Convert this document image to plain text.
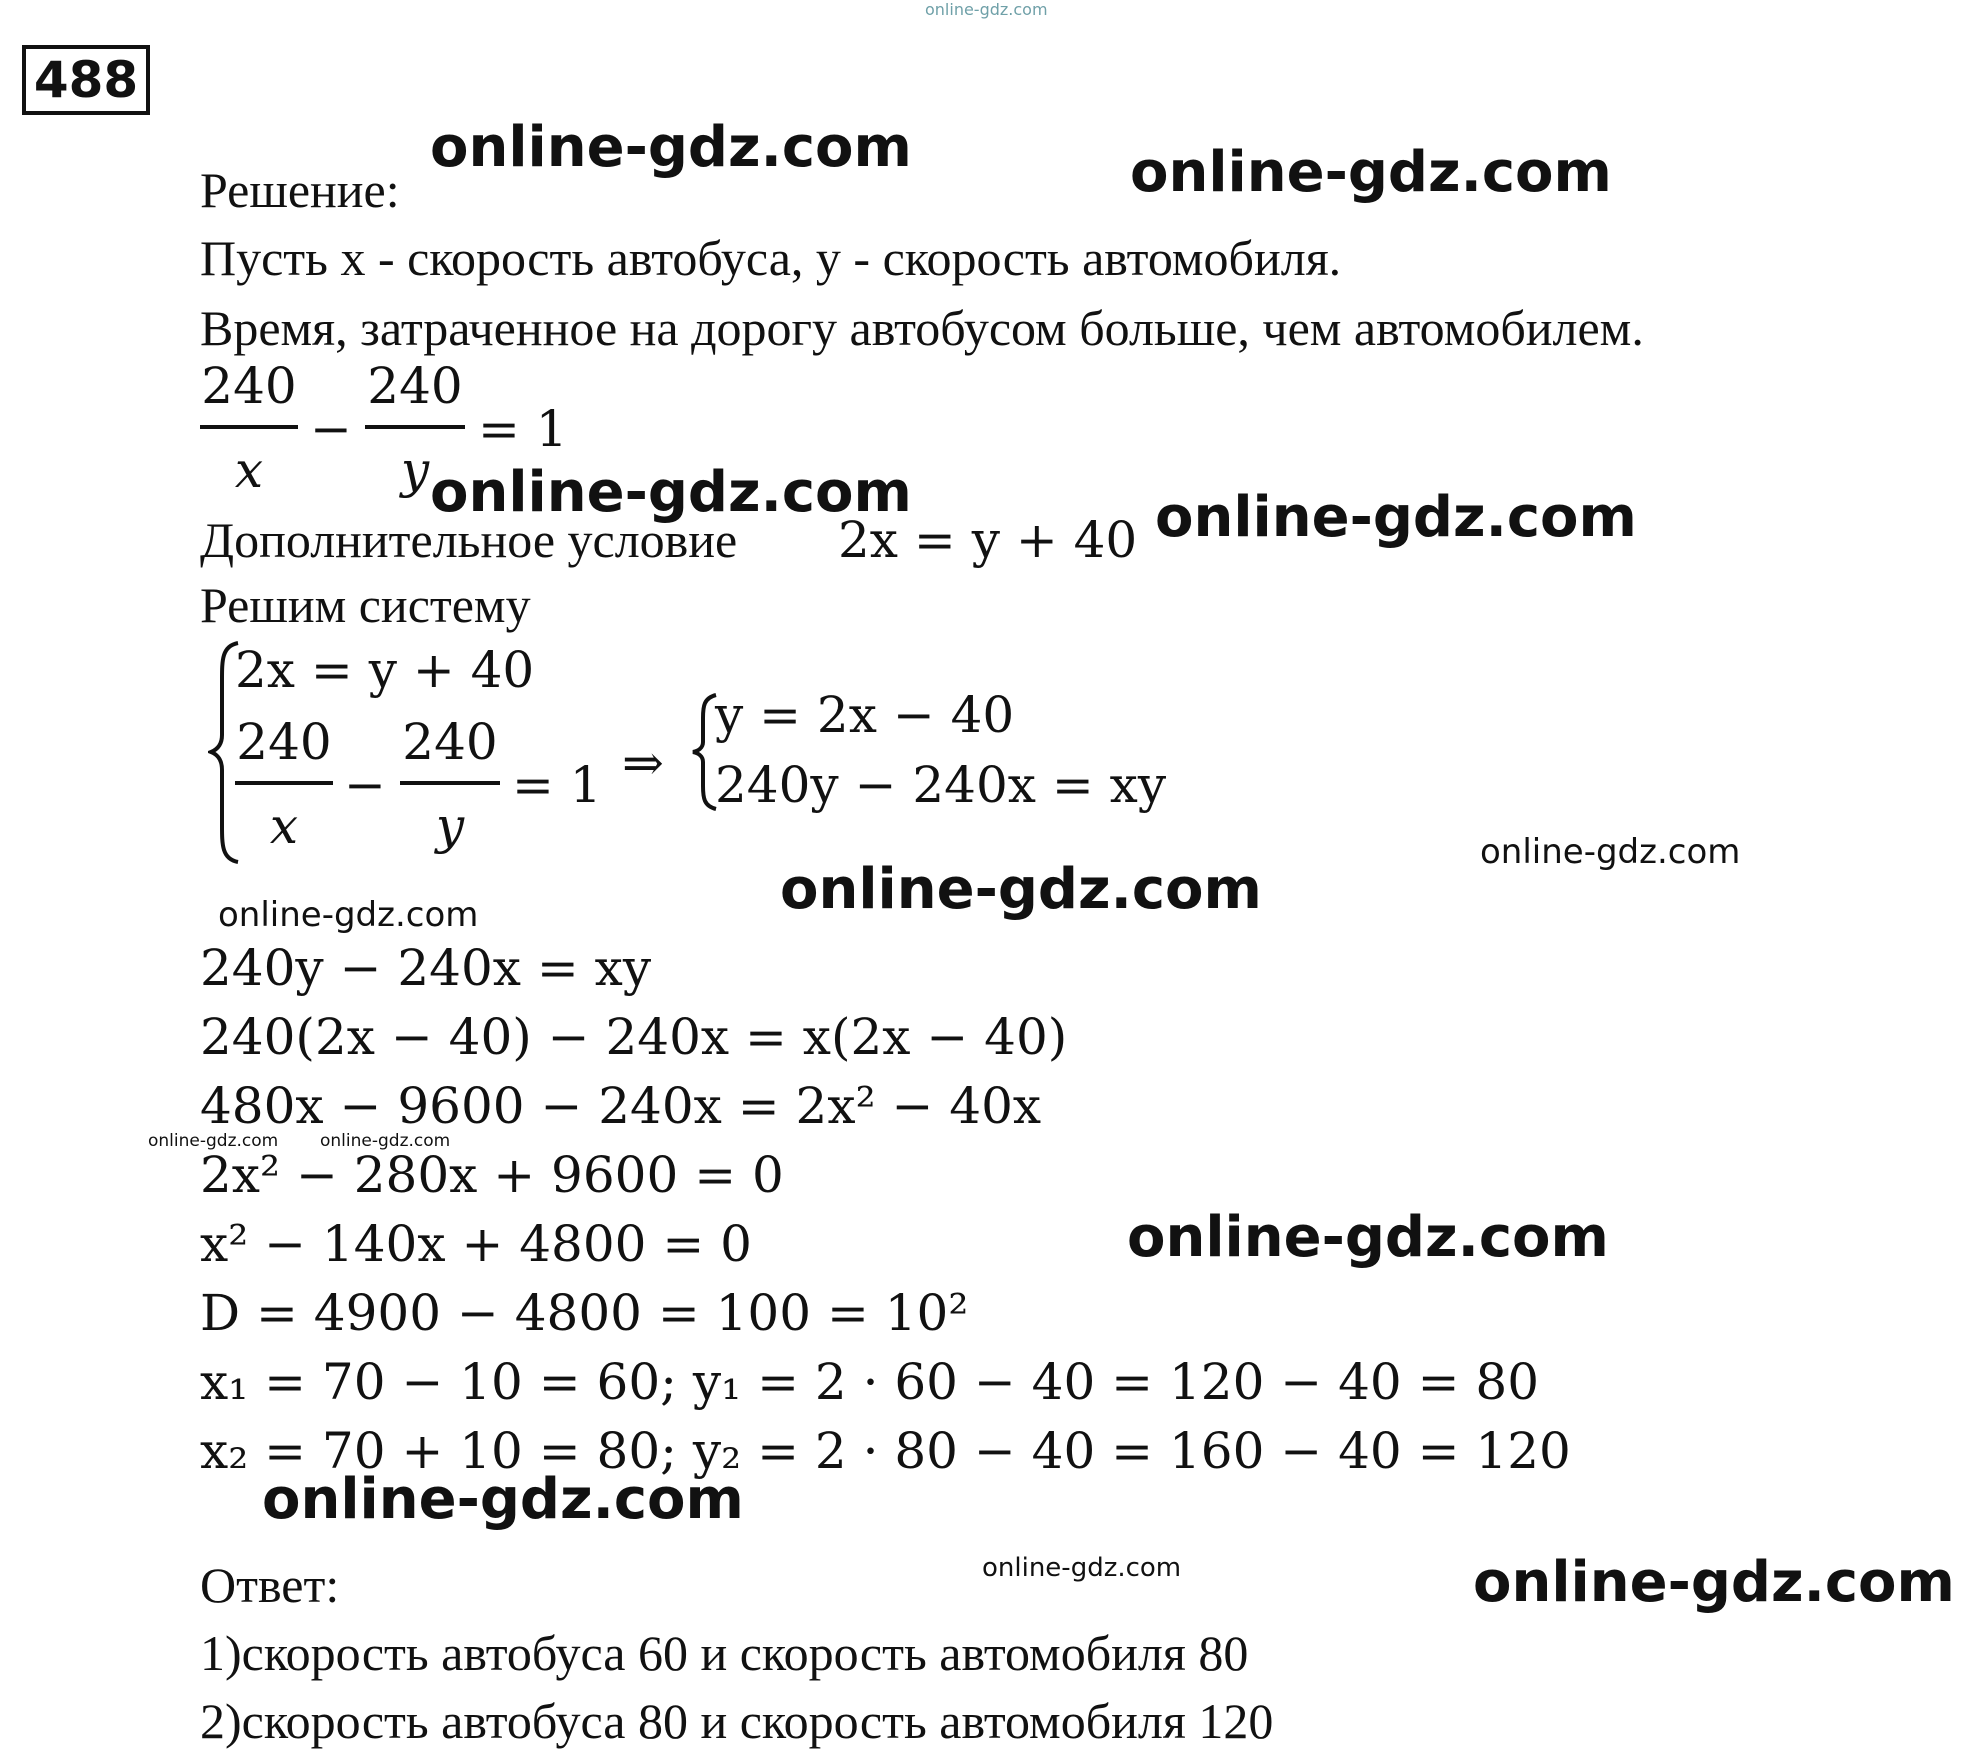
online-gdz.com
488
online-gdz.com	online-gdz.com
online-gdz.com	online-gdz.com
online-gdz.com
online-gdz.com
online-gdz.com
online-gdz.com online-gdz.com
online-gdz.com
online-gdz.com
online-gdz.com	online-gdz.com
Решение:
Пусть x - скорость автобуса, y - скорость автомобиля.
Время, затраченное на дорогу автобусом больше, чем автомобилем.
240
x
−
240
y
= 1
Дополнительное условие 2x = y + 40
Решим систему
2x = y + 40
240
x
−
240
y
= 1 ⇒
y = 2x − 40
240y − 240x = xy
240y − 240x = xy
240(2x − 40) − 240x = x(2x − 40)
480x − 9600 − 240x = 2x² − 40x
2x² − 280x + 9600 = 0
x² − 140x + 4800 = 0
D = 4900 − 4800 = 100 = 10²
x₁ = 70 − 10 = 60; y₁ = 2 · 60 − 40 = 120 − 40 = 80
x₂ = 70 + 10 = 80; y₂ = 2 · 80 − 40 = 160 − 40 = 120
Ответ:
1)скорость автобуса 60 и скорость автомобиля 80
2)скорость автобуса 80 и скорость автомобиля 120
